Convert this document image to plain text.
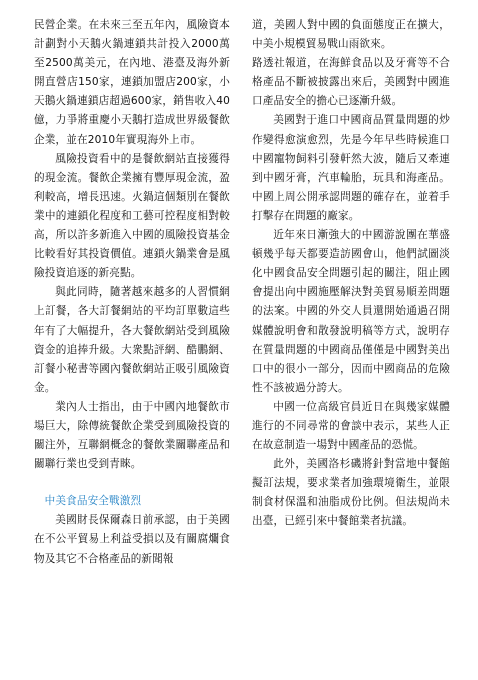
民營企業。在未來三至五年內，風險資本計劃對小天鵝火鍋連鎖共計投入2000萬至2500萬美元，在內地、港臺及海外新開直營店150家，連鎖加盟店200家，小天鵝火鍋連鎖店超過600家，銷售收入40億，力爭將重慶小天鵝打造成世界級餐飲企業，並在2010年實現海外上市。

風險投資看中的是餐飲網站直接獲得的現金流。餐飲企業擁有豐厚現金流，盈利較高，增長迅速。火鍋這個類別在餐飲業中的連鎖化程度和工藝可控程度相對較高，所以許多新進入中國的風險投資基金比較看好其投資價值。連鎖火鍋業會是風險投資追逐的新亮點。

與此同時，隨著越來越多的人習慣網上訂餐，各大訂餐網站的平均訂單數這些年有了大幅提升，各大餐飲網站受到風險資金的追捧升級。大衆點評網、酷鵬網、訂餐小秘書等國內餐飲網站正吸引風險資金。

業內人士指出，由于中國內地餐飲市場巨大，除傳統餐飲企業受到風險投資的關注外，互聯網概念的餐飲業關聯產品和關聯行業也受到青睞。

中美食品安全戰激烈

美國財長保爾森日前承認，由于美國在不公平貿易上利益受損以及有關腐爛食物及其它不合格產品的新聞報

道，美國人對中國的負面態度正在擴大，中美小規模貿易戰山雨欲來。

路透社報道，在海鮮食品以及牙膏等不合格產品不斷被披露出來后，美國對中國進口產品安全的擔心已逐漸升級。

美國對于進口中國商品質量問題的炒作變得愈演愈烈，先是今年早些時候進口中國寵物飼料引發軒然大波，隨后又牽連到中國牙膏，汽車輪胎，玩具和海產品。中國上周公開承認問題的確存在，並着手打擊存在問題的廠家。

近年來日漸強大的中國游說團在華盛頓幾乎每天都要造訪國會山，他們試圖淡化中國食品安全問題引起的關注，阻止國會提出向中國施壓解決對美貿易順差問題的法案。中國的外交人員還開始通過召開媒體說明會和散發說明稿等方式，說明存在質量問題的中國商品僅僅是中國對美出口中的很小一部分，因而中國商品的危險性不該被過分誇大。

中國一位高級官員近日在與幾家媒體進行的不同尋常的會談中表示，某些人正在故意制造一場對中國產品的恐慌。

此外，美國洛杉磯將針對當地中餐館擬訂法規，要求業者加強環境衛生，並限制食材保溫和油脂成份比例。但法規尚未出臺，已經引來中餐館業者抗議。
